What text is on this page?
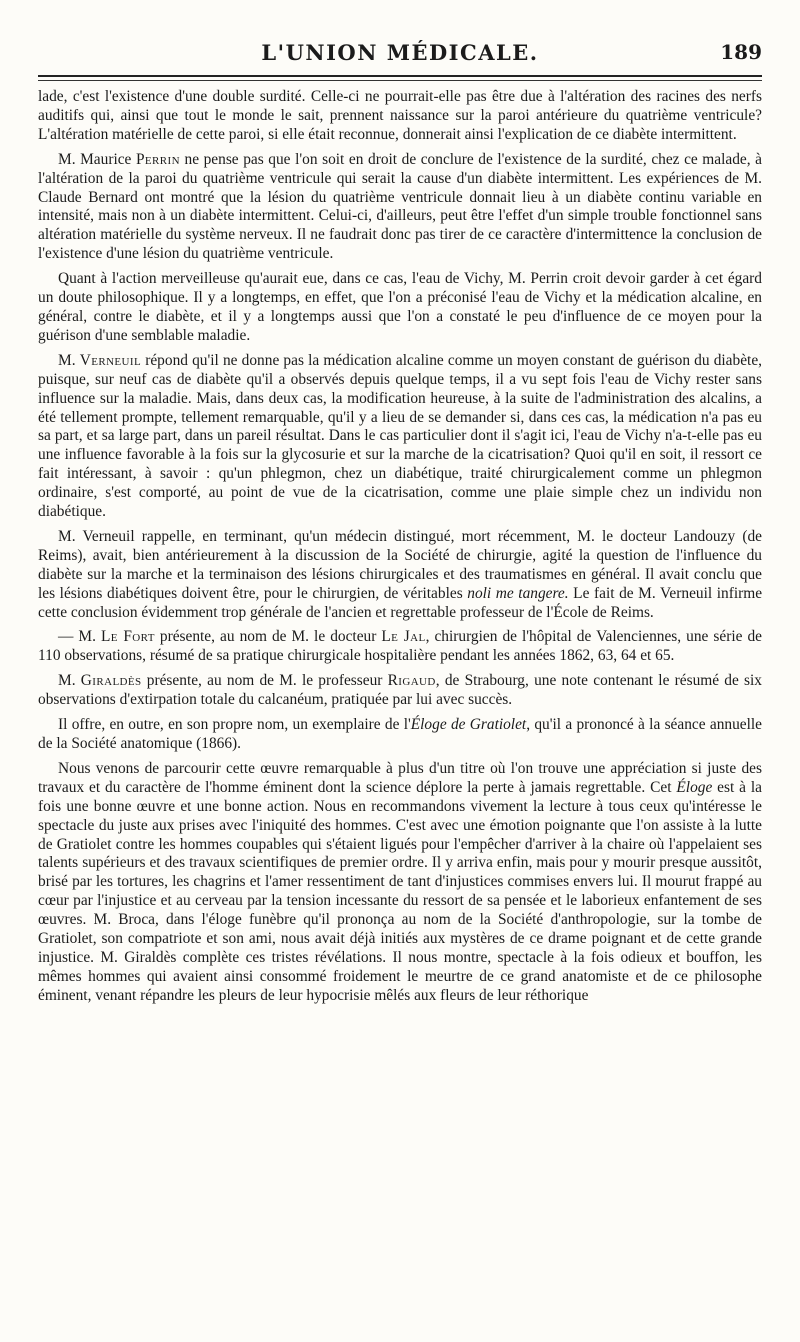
L'UNION MÉDICALE.	189

lade, c'est l'existence d'une double surdité. Celle-ci ne pourrait-elle pas être due à l'altération des racines des nerfs auditifs qui, ainsi que tout le monde le sait, prennent naissance sur la paroi antérieure du quatrième ventricule? L'altération matérielle de cette paroi, si elle était reconnue, donnerait ainsi l'explication de ce diabète intermittent.

M. Maurice Perrin ne pense pas que l'on soit en droit de conclure de l'existence de la surdité, chez ce malade, à l'altération de la paroi du quatrième ventricule qui serait la cause d'un diabète intermittent. Les expériences de M. Claude Bernard ont montré que la lésion du quatrième ventricule donnait lieu à un diabète continu variable en intensité, mais non à un diabète intermittent. Celui-ci, d'ailleurs, peut être l'effet d'un simple trouble fonctionnel sans altération matérielle du système nerveux. Il ne faudrait donc pas tirer de ce caractère d'intermittence la conclusion de l'existence d'une lésion du quatrième ventricule.

Quant à l'action merveilleuse qu'aurait eue, dans ce cas, l'eau de Vichy, M. Perrin croit devoir garder à cet égard un doute philosophique. Il y a longtemps, en effet, que l'on a préconisé l'eau de Vichy et la médication alcaline, en général, contre le diabète, et il y a longtemps aussi que l'on a constaté le peu d'influence de ce moyen pour la guérison d'une semblable maladie.

M. Verneuil répond qu'il ne donne pas la médication alcaline comme un moyen constant de guérison du diabète, puisque, sur neuf cas de diabète qu'il a observés depuis quelque temps, il a vu sept fois l'eau de Vichy rester sans influence sur la maladie. Mais, dans deux cas, la modification heureuse, à la suite de l'administration des alcalins, a été tellement prompte, tellement remarquable, qu'il y a lieu de se demander si, dans ces cas, la médication n'a pas eu sa part, et sa large part, dans un pareil résultat. Dans le cas particulier dont il s'agit ici, l'eau de Vichy n'a-t-elle pas eu une influence favorable à la fois sur la glycosurie et sur la marche de la cicatrisation? Quoi qu'il en soit, il ressort ce fait intéressant, à savoir : qu'un phlegmon, chez un diabétique, traité chirurgicalement comme un phlegmon ordinaire, s'est comporté, au point de vue de la cicatrisation, comme une plaie simple chez un individu non diabétique.

M. Verneuil rappelle, en terminant, qu'un médecin distingué, mort récemment, M. le docteur Landouzy (de Reims), avait, bien antérieurement à la discussion de la Société de chirurgie, agité la question de l'influence du diabète sur la marche et la terminaison des lésions chirurgicales et des traumatismes en général. Il avait conclu que les lésions diabétiques doivent être, pour le chirurgien, de véritables noli me tangere. Le fait de M. Verneuil infirme cette conclusion évidemment trop générale de l'ancien et regrettable professeur de l'École de Reims.

— M. Le Fort présente, au nom de M. le docteur Le Jal, chirurgien de l'hôpital de Valenciennes, une série de 110 observations, résumé de sa pratique chirurgicale hospitalière pendant les années 1862, 63, 64 et 65.

M. Giraldès présente, au nom de M. le professeur Rigaud, de Strabourg, une note contenant le résumé de six observations d'extirpation totale du calcanéum, pratiquée par lui avec succès.

Il offre, en outre, en son propre nom, un exemplaire de l'Éloge de Gratiolet, qu'il a prononcé à la séance annuelle de la Société anatomique (1866).

Nous venons de parcourir cette œuvre remarquable à plus d'un titre où l'on trouve une appréciation si juste des travaux et du caractère de l'homme éminent dont la science déplore la perte à jamais regrettable. Cet Éloge est à la fois une bonne œuvre et une bonne action. Nous en recommandons vivement la lecture à tous ceux qu'intéresse le spectacle du juste aux prises avec l'iniquité des hommes. C'est avec une émotion poignante que l'on assiste à la lutte de Gratiolet contre les hommes coupables qui s'étaient ligués pour l'empêcher d'arriver à la chaire où l'appelaient ses talents supérieurs et des travaux scientifiques de premier ordre. Il y arriva enfin, mais pour y mourir presque aussitôt, brisé par les tortures, les chagrins et l'amer ressentiment de tant d'injustices commises envers lui. Il mourut frappé au cœur par l'injustice et au cerveau par la tension incessante du ressort de sa pensée et le laborieux enfantement de ses œuvres. M. Broca, dans l'éloge funèbre qu'il prononça au nom de la Société d'anthropologie, sur la tombe de Gratiolet, son compatriote et son ami, nous avait déjà initiés aux mystères de ce drame poignant et de cette grande injustice. M. Giraldès complète ces tristes révélations. Il nous montre, spectacle à la fois odieux et bouffon, les mêmes hommes qui avaient ainsi consommé froidement le meurtre de ce grand anatomiste et de ce philosophe éminent, venant répandre les pleurs de leur hypocrisie mêlés aux fleurs de leur réthorique
